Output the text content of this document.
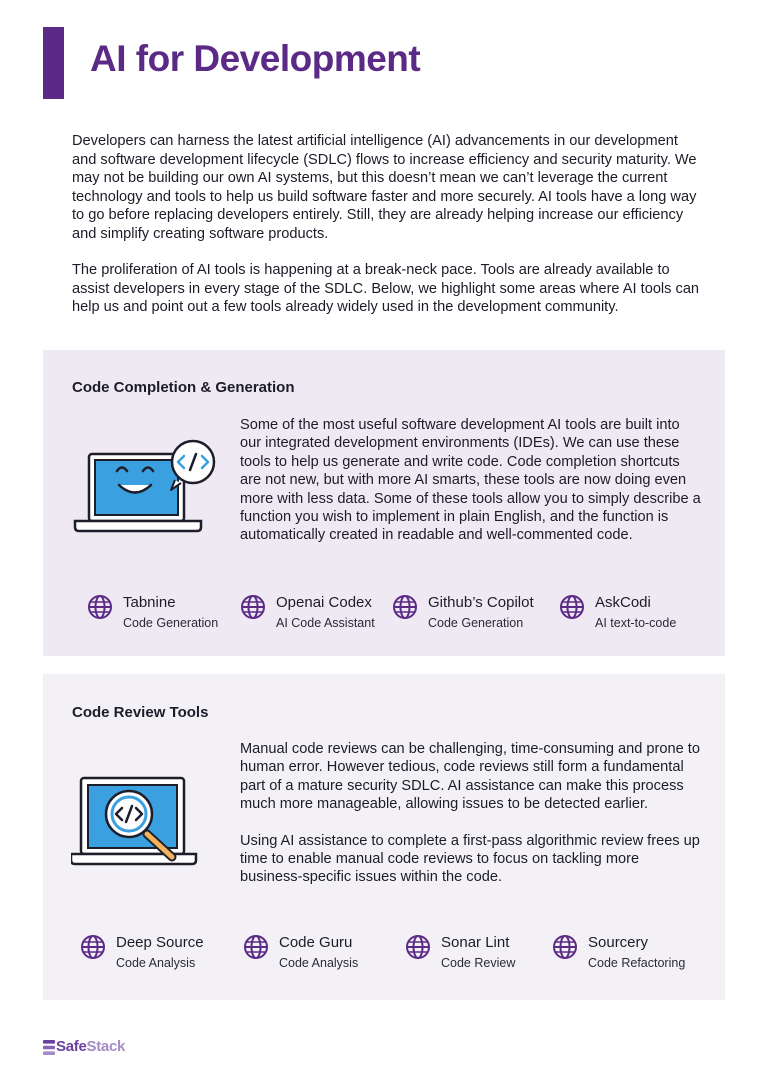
AI for Development

Developers can harness the latest artificial intelligence (AI) advancements in our development and software development lifecycle (SDLC) flows to increase efficiency and security maturity. We may not be building our own AI systems, but this doesn’t mean we can’t leverage the current technology and tools to help us build software faster and more securely. AI tools have a long way to go before replacing developers entirely. Still, they are already helping increase our efficiency and simplify creating software products.

The proliferation of AI tools is happening at a break-neck pace. Tools are already available to assist developers in every stage of the SDLC. Below, we highlight some areas where AI tools can help us and point out a few tools already widely used in the development community.

Code Completion & Generation

Some of the most useful software development AI tools are built into our integrated development environments (IDEs). We can use these tools to help us generate and write code. Code completion shortcuts are not new, but with more AI smarts, these tools are now doing even more with less data. Some of these tools allow you to simply describe a function you wish to implement in plain English, and the function is automatically created in readable and well-commented code.

Tabnine
Code Generation
Openai Codex
AI Code Assistant
Github’s Copilot
Code Generation
AskCodi
AI text-to-code
Code Review Tools

Manual code reviews can be challenging, time-consuming and prone to human error. However tedious, code reviews still form a fundamental part of a mature security SDLC. AI assistance can make this process much more manageable, allowing issues to be detected earlier.

Using AI assistance to complete a first-pass algorithmic review frees up time to enable manual code reviews to focus on tackling more business-specific issues within the code.

Deep Source
Code Analysis
Code Guru
Code Analysis
Sonar Lint
Code Review
Sourcery
Code Refactoring
SafeStack
